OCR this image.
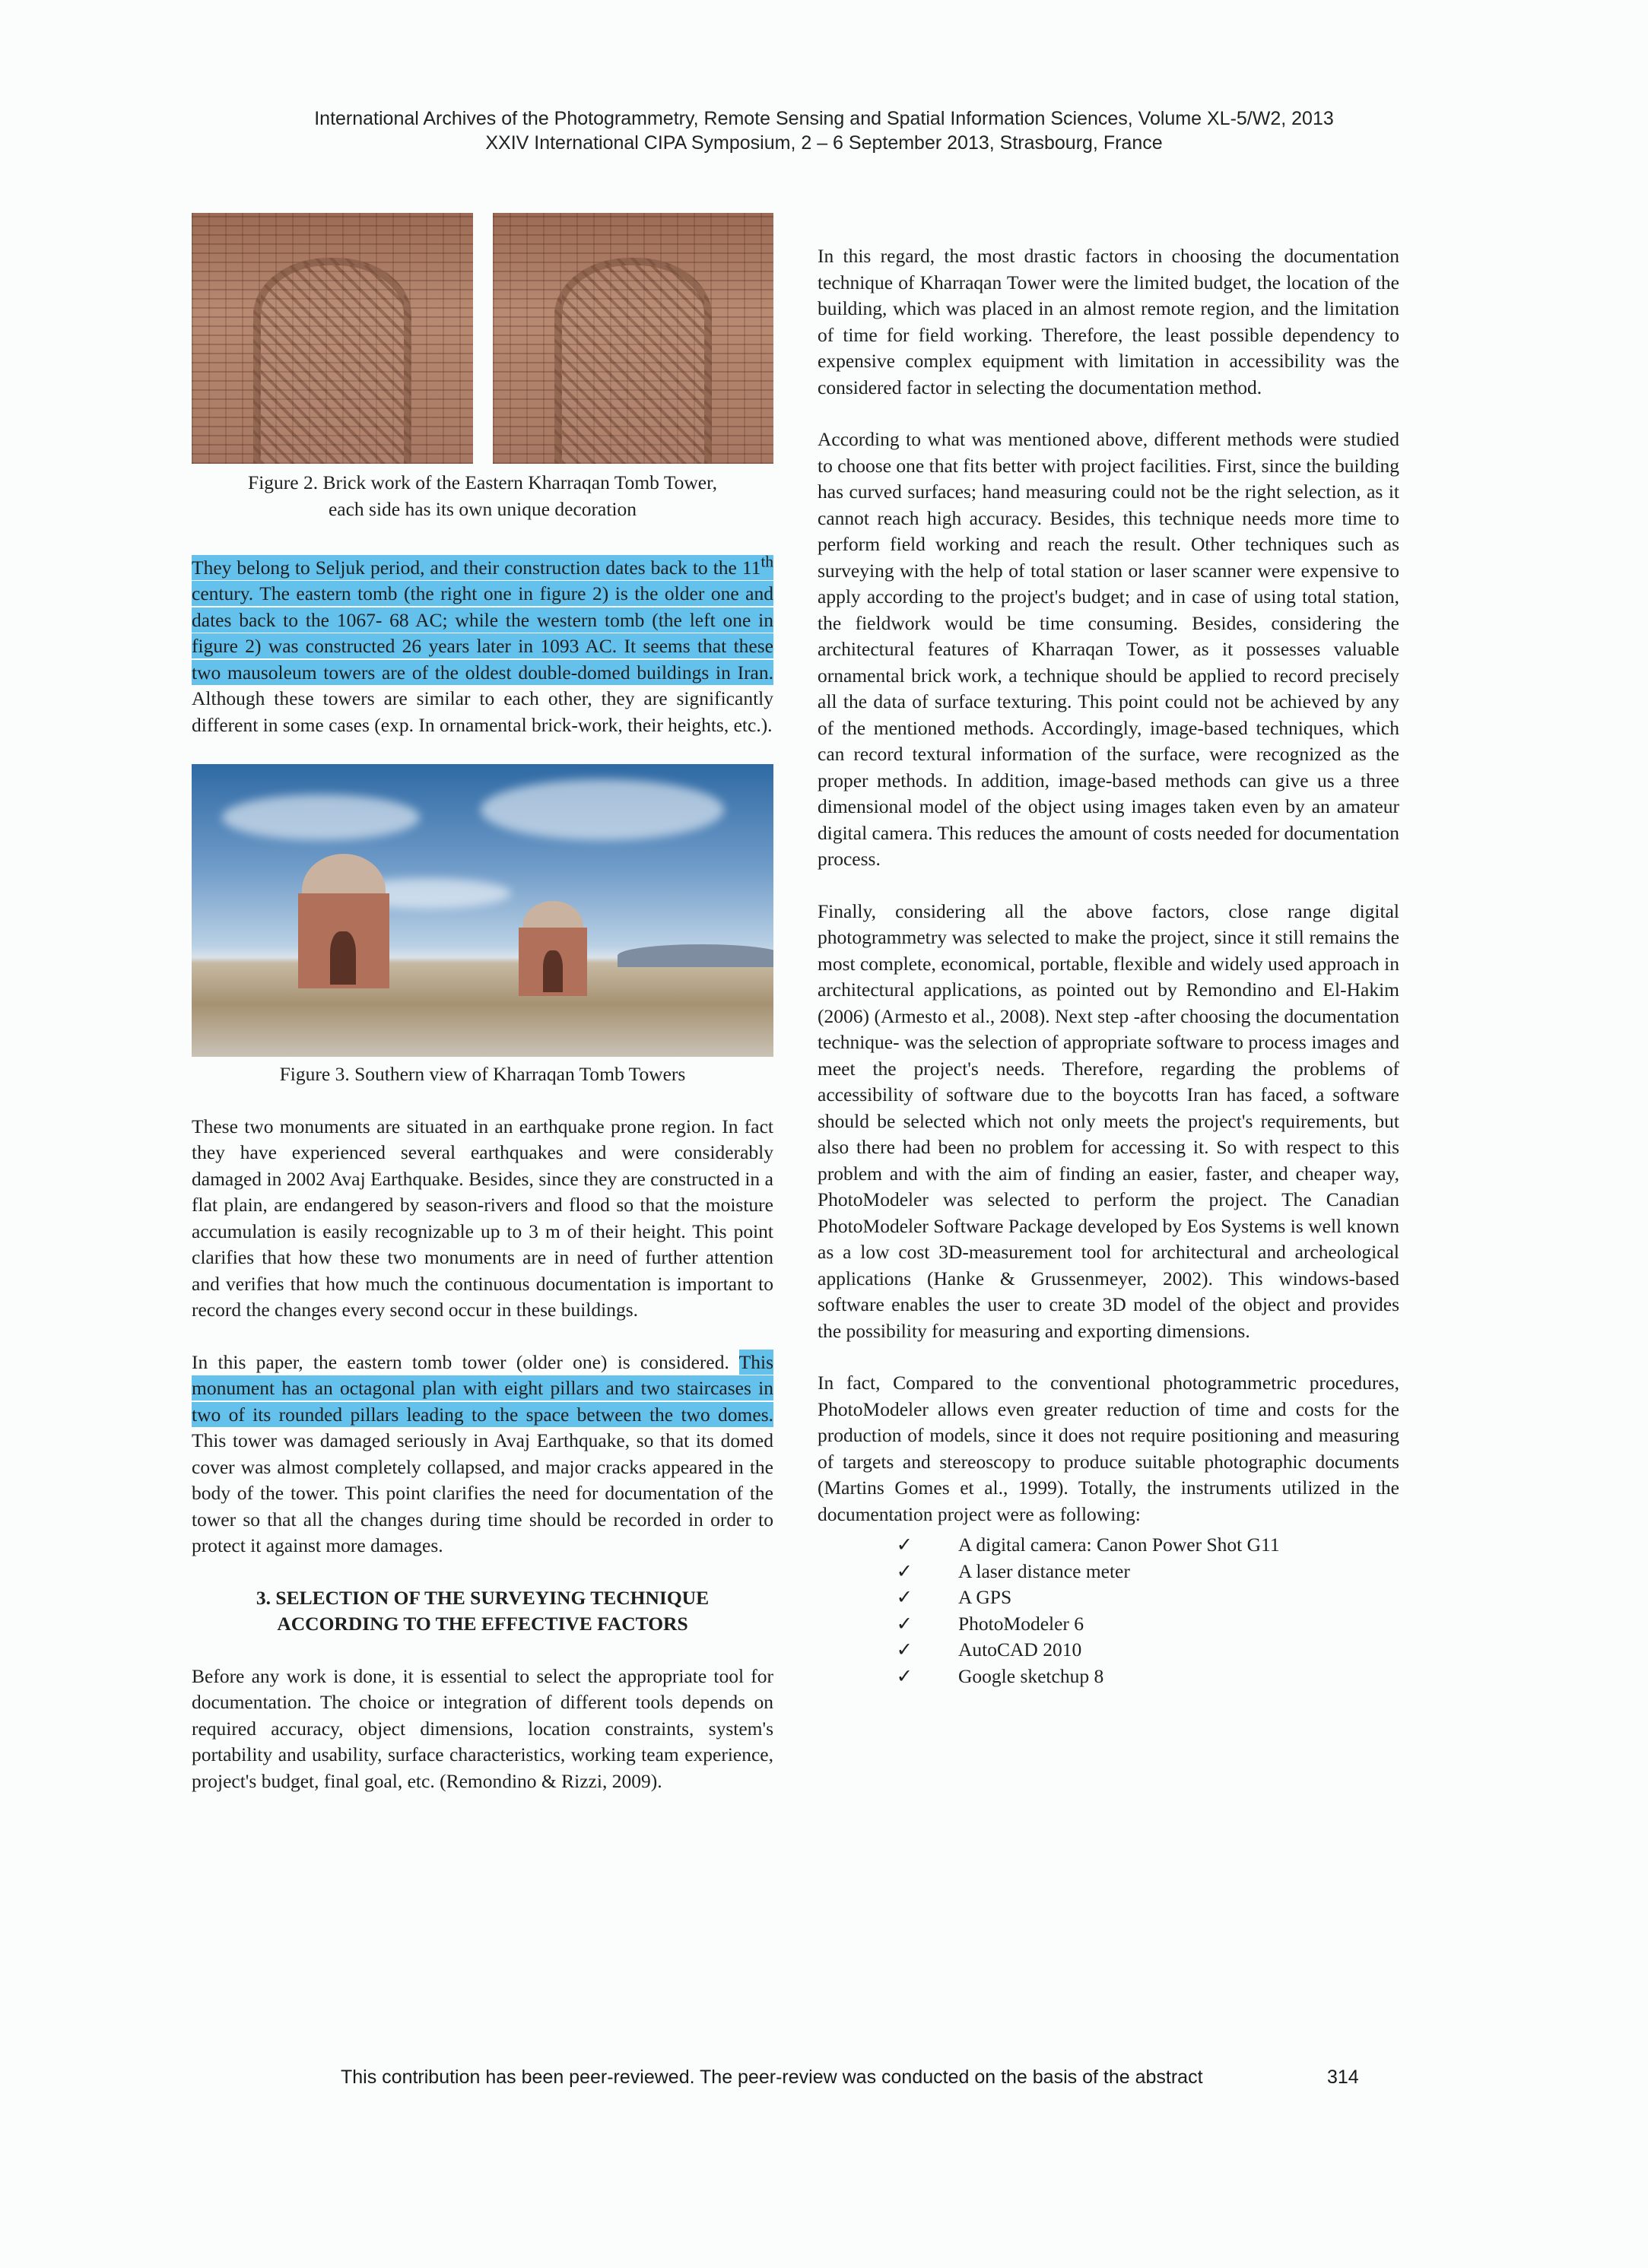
International Archives of the Photogrammetry, Remote Sensing and Spatial Information Sciences, Volume XL-5/W2, 2013
XXIV International CIPA Symposium, 2 – 6 September 2013, Strasbourg, France
Figure 2. Brick work of the Eastern Kharraqan Tomb Tower,
each side has its own unique decoration

They belong to Seljuk period, and their construction dates back to the 11th century. The eastern tomb (the right one in figure 2) is the older one and dates back to the 1067- 68 AC; while the western tomb (the left one in figure 2) was constructed 26 years later in 1093 AC. It seems that these two mausoleum towers are of the oldest double-domed buildings in Iran. Although these towers are similar to each other, they are significantly different in some cases (exp. In ornamental brick-work, their heights, etc.).

Figure 3. Southern view of Kharraqan Tomb Towers

These two monuments are situated in an earthquake prone region. In fact they have experienced several earthquakes and were considerably damaged in 2002 Avaj Earthquake. Besides, since they are constructed in a flat plain, are endangered by season-rivers and flood so that the moisture accumulation is easily recognizable up to 3 m of their height. This point clarifies that how these two monuments are in need of further attention and verifies that how much the continuous documentation is important to record the changes every second occur in these buildings.

In this paper, the eastern tomb tower (older one) is considered. This monument has an octagonal plan with eight pillars and two staircases in two of its rounded pillars leading to the space between the two domes. This tower was damaged seriously in Avaj Earthquake, so that its domed cover was almost completely collapsed, and major cracks appeared in the body of the tower. This point clarifies the need for documentation of the tower so that all the changes during time should be recorded in order to protect it against more damages.

3. SELECTION OF THE SURVEYING TECHNIQUE
ACCORDING TO THE EFFECTIVE FACTORS

Before any work is done, it is essential to select the appropriate tool for documentation. The choice or integration of different tools depends on required accuracy, object dimensions, location constraints, system's portability and usability, surface characteristics, working team experience, project's budget, final goal, etc. (Remondino & Rizzi, 2009).

In this regard, the most drastic factors in choosing the documentation technique of Kharraqan Tower were the limited budget, the location of the building, which was placed in an almost remote region, and the limitation of time for field working. Therefore, the least possible dependency to expensive complex equipment with limitation in accessibility was the considered factor in selecting the documentation method.

According to what was mentioned above, different methods were studied to choose one that fits better with project facilities. First, since the building has curved surfaces; hand measuring could not be the right selection, as it cannot reach high accuracy. Besides, this technique needs more time to perform field working and reach the result. Other techniques such as surveying with the help of total station or laser scanner were expensive to apply according to the project's budget; and in case of using total station, the fieldwork would be time consuming. Besides, considering the architectural features of Kharraqan Tower, as it possesses valuable ornamental brick work, a technique should be applied to record precisely all the data of surface texturing. This point could not be achieved by any of the mentioned methods. Accordingly, image-based techniques, which can record textural information of the surface, were recognized as the proper methods. In addition, image-based methods can give us a three dimensional model of the object using images taken even by an amateur digital camera. This reduces the amount of costs needed for documentation process.

Finally, considering all the above factors, close range digital photogrammetry was selected to make the project, since it still remains the most complete, economical, portable, flexible and widely used approach in architectural applications, as pointed out by Remondino and El-Hakim (2006) (Armesto et al., 2008). Next step -after choosing the documentation technique- was the selection of appropriate software to process images and meet the project's needs. Therefore, regarding the problems of accessibility of software due to the boycotts Iran has faced, a software should be selected which not only meets the project's requirements, but also there had been no problem for accessing it. So with respect to this problem and with the aim of finding an easier, faster, and cheaper way, PhotoModeler was selected to perform the project. The Canadian PhotoModeler Software Package developed by Eos Systems is well known as a low cost 3D-measurement tool for architectural and archeological applications (Hanke & Grussenmeyer, 2002). This windows-based software enables the user to create 3D model of the object and provides the possibility for measuring and exporting dimensions.

In fact, Compared to the conventional photogrammetric procedures, PhotoModeler allows even greater reduction of time and costs for the production of models, since it does not require positioning and measuring of targets and stereoscopy to produce suitable photographic documents (Martins Gomes et al., 1999). Totally, the instruments utilized in the documentation project were as following:

✓	A digital camera: Canon Power Shot G11
✓	A laser distance meter
✓	A GPS
✓	PhotoModeler 6
✓	AutoCAD 2010
✓	Google sketchup 8
This contribution has been peer-reviewed. The peer-review was conducted on the basis of the abstract	314
